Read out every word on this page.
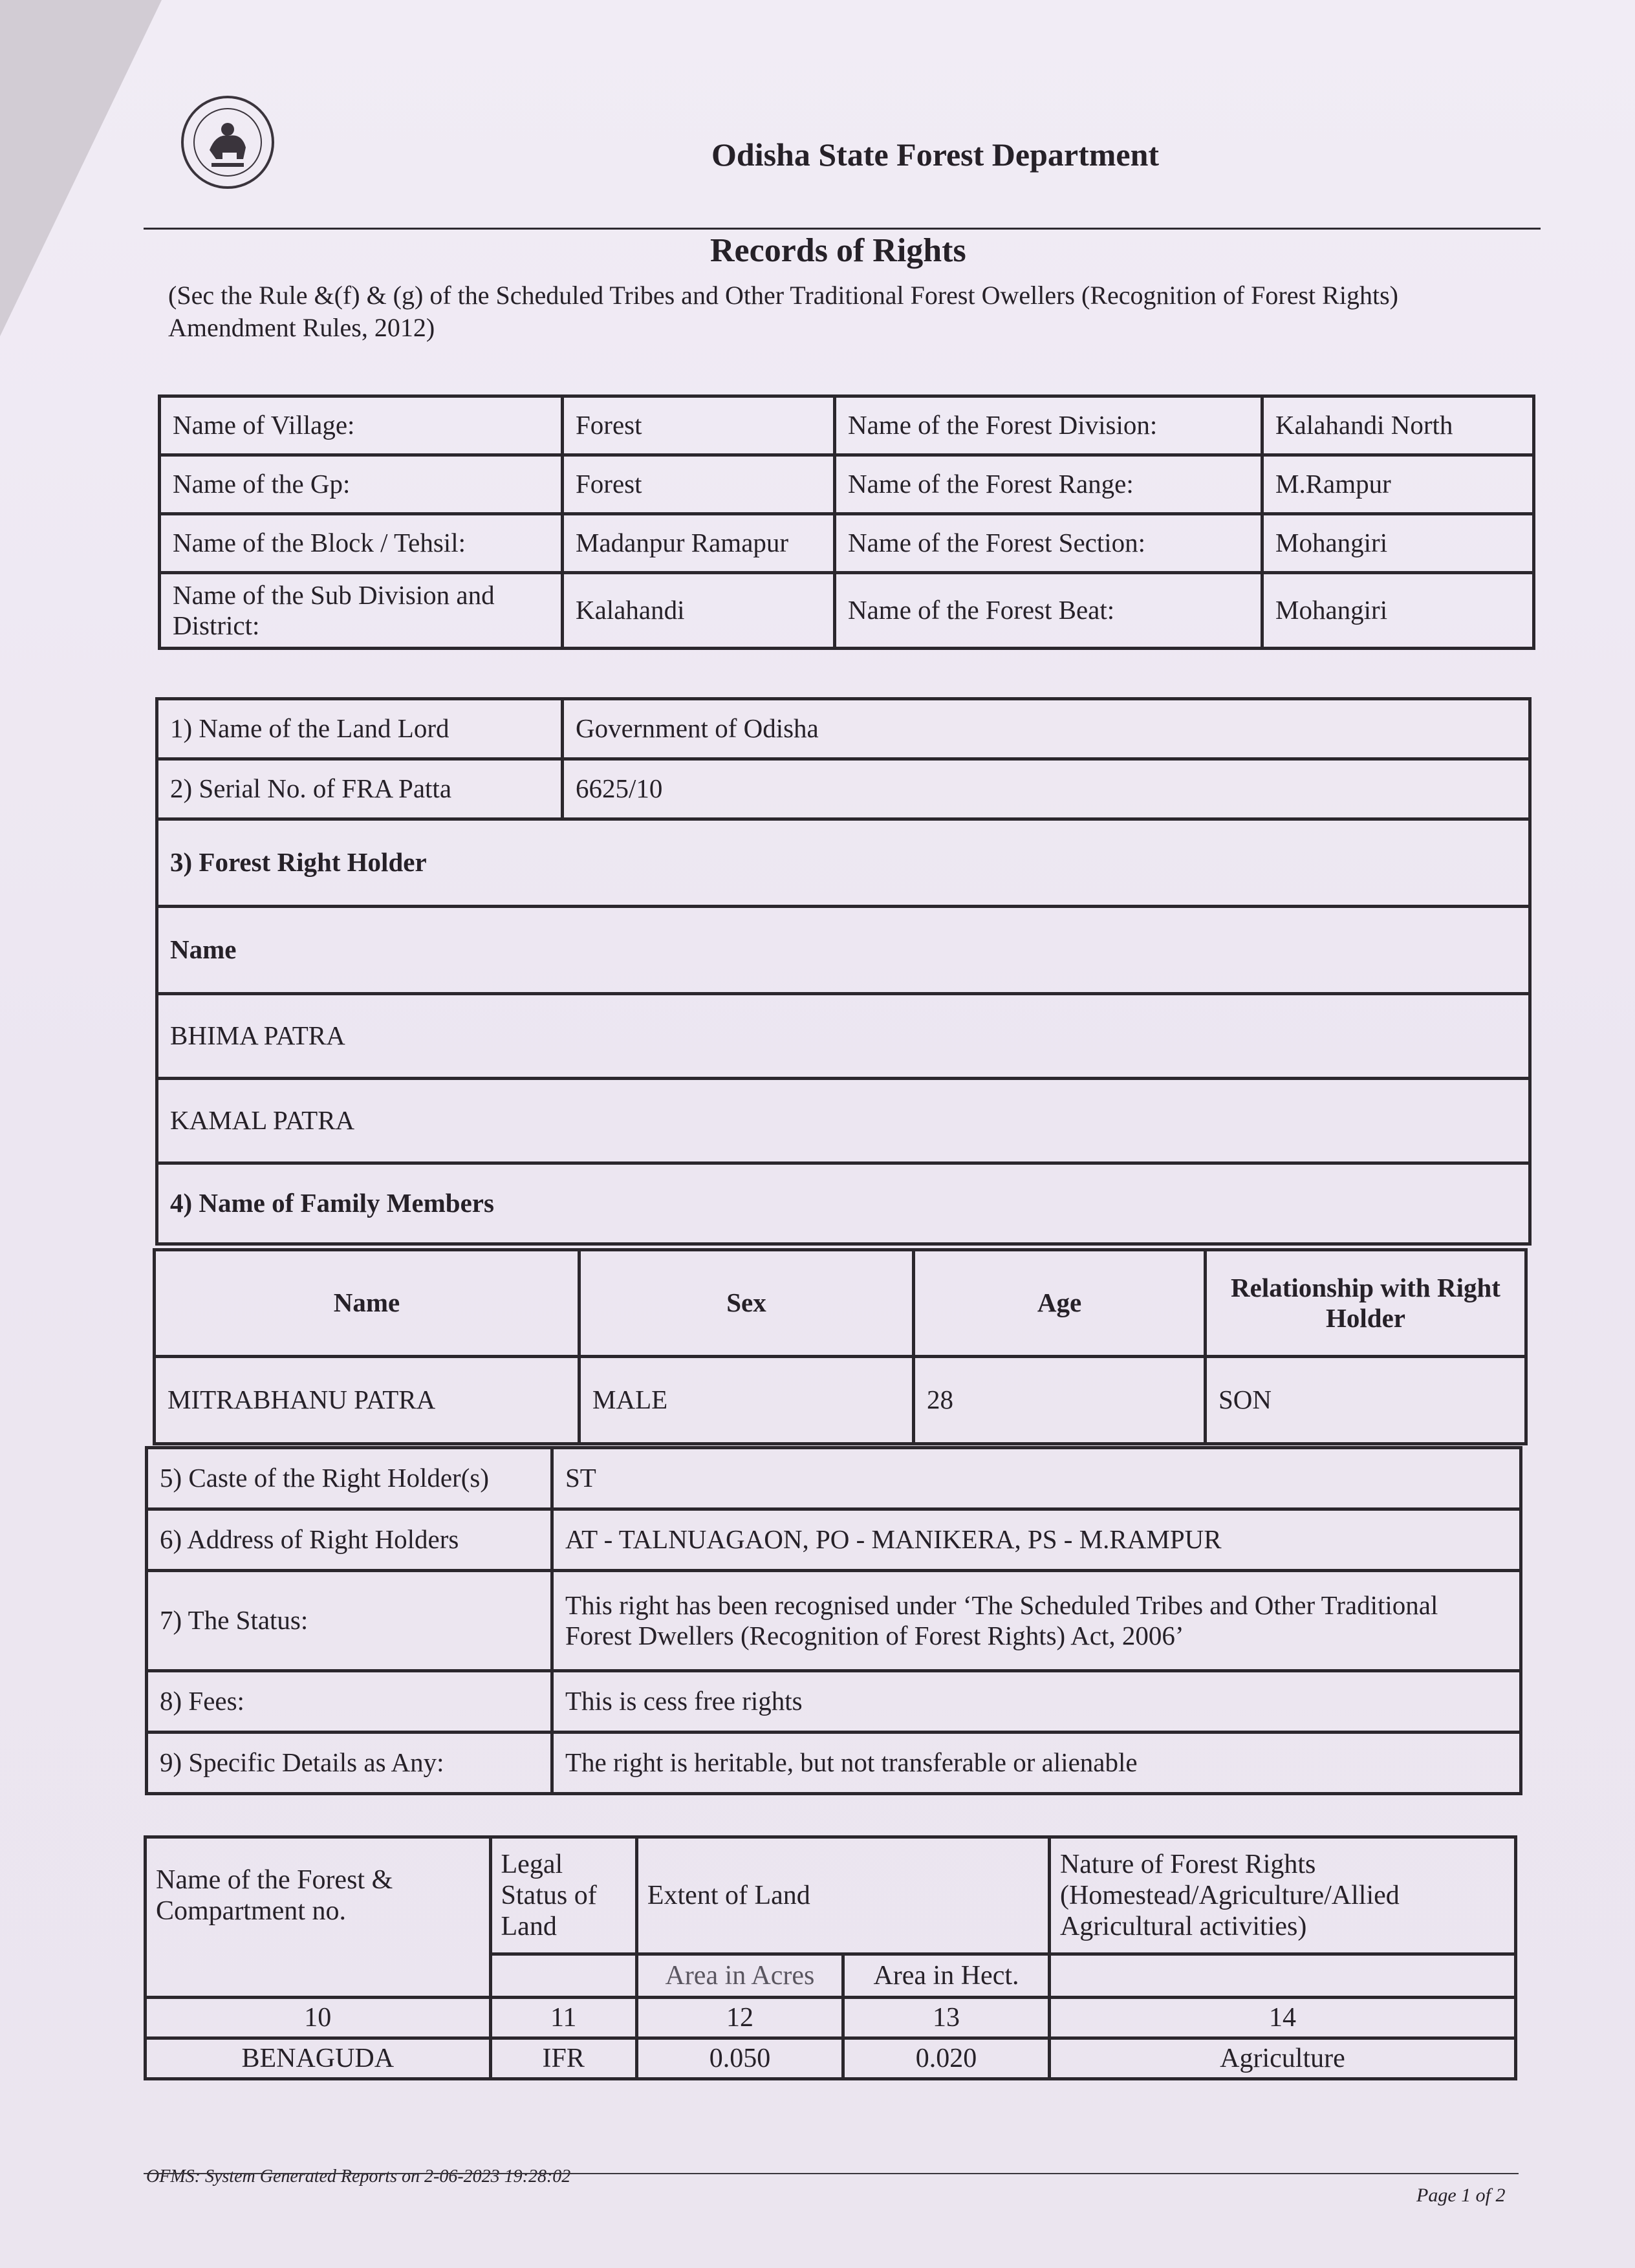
Odisha State Forest Department
Records of Rights
(Sec the Rule &(f) & (g) of the Scheduled Tribes and Other Traditional Forest Owellers (Recognition of Forest Rights) Amendment Rules, 2012)
Name of Village:	Forest	Name of the Forest Division:	Kalahandi North
Name of the Gp:	Forest	Name of the Forest Range:	M.Rampur
Name of the Block / Tehsil:	Madanpur Ramapur	Name of the Forest Section:	Mohangiri
Name of the Sub Division and District:	Kalahandi	Name of the Forest Beat:	Mohangiri
1) Name of the Land Lord	Government of Odisha
2) Serial No. of FRA Patta	6625/10
3) Forest Right Holder	
Name	
BHIMA PATRA	
KAMAL PATRA	
4) Name of Family Members	
Name	Sex	Age	Relationship with Right Holder
MITRABHANU PATRA	MALE	28	SON
5) Caste of the Right Holder(s)	ST
6) Address of Right Holders	AT - TALNUAGAON, PO - MANIKERA, PS - M.RAMPUR
7) The Status:	This right has been recognised under ‘The Scheduled Tribes and Other Traditional
Forest Dwellers (Recognition of Forest Rights) Act, 2006’

8) Fees:	This is cess free rights
9) Specific Details as Any:	The right is heritable, but not transferable or alienable
Name of the Forest & Compartment no.	Legal Status of Land	Extent of Land		Nature of Forest Rights (Homestead/Agriculture/Allied Agricultural activities)
		Area in Acres	Area in Hect.	
10	11	12	13	14
BENAGUDA	IFR	0.050	0.020	Agriculture
OFMS: System Generated Reports on 2-06-2023 19:28:02
Page 1 of 2
